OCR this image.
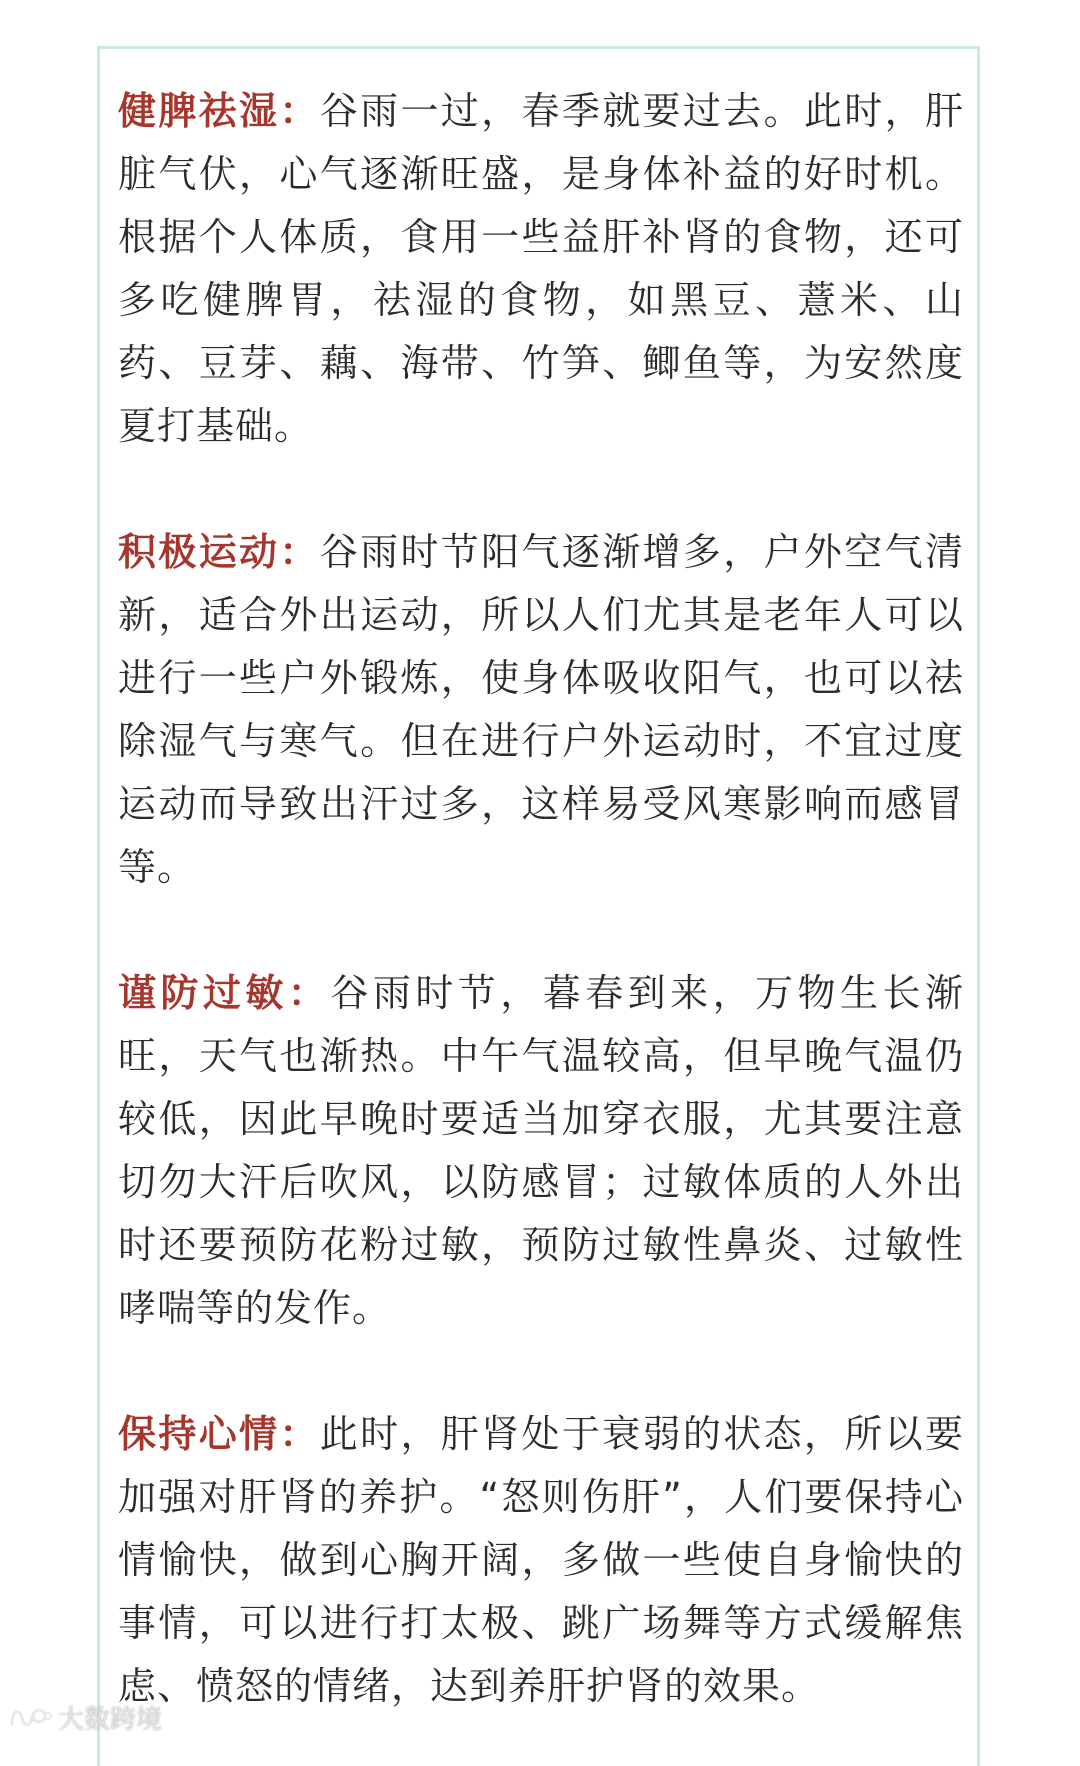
健脾祛湿：谷雨一过，春季就要过去。此时，肝脏气伏，心气逐渐旺盛，是身体补益的好时机。根据个人体质，食用一些益肝补肾的食物，还可多吃健脾胃，祛湿的食物，如黑豆、薏米、山药、豆芽、藕、海带、竹笋、鲫鱼等，为安然度夏打基础。

积极运动：谷雨时节阳气逐渐增多，户外空气清新，适合外出运动，所以人们尤其是老年人可以进行一些户外锻炼，使身体吸收阳气，也可以祛除湿气与寒气。但在进行户外运动时，不宜过度运动而导致出汗过多，这样易受风寒影响而感冒等。

谨防过敏：谷雨时节，暮春到来，万物生长渐旺，天气也渐热。中午气温较高，但早晚气温仍较低，因此早晚时要适当加穿衣服，尤其要注意切勿大汗后吹风，以防感冒；过敏体质的人外出时还要预防花粉过敏，预防过敏性鼻炎、过敏性哮喘等的发作。

保持心情：此时，肝肾处于衰弱的状态，所以要加强对肝肾的养护。“怒则伤肝”，人们要保持心情愉快，做到心胸开阔，多做一些使自身愉快的事情，可以进行打太极、跳广场舞等方式缓解焦虑、愤怒的情绪，达到养肝护肾的效果。

大数跨境
